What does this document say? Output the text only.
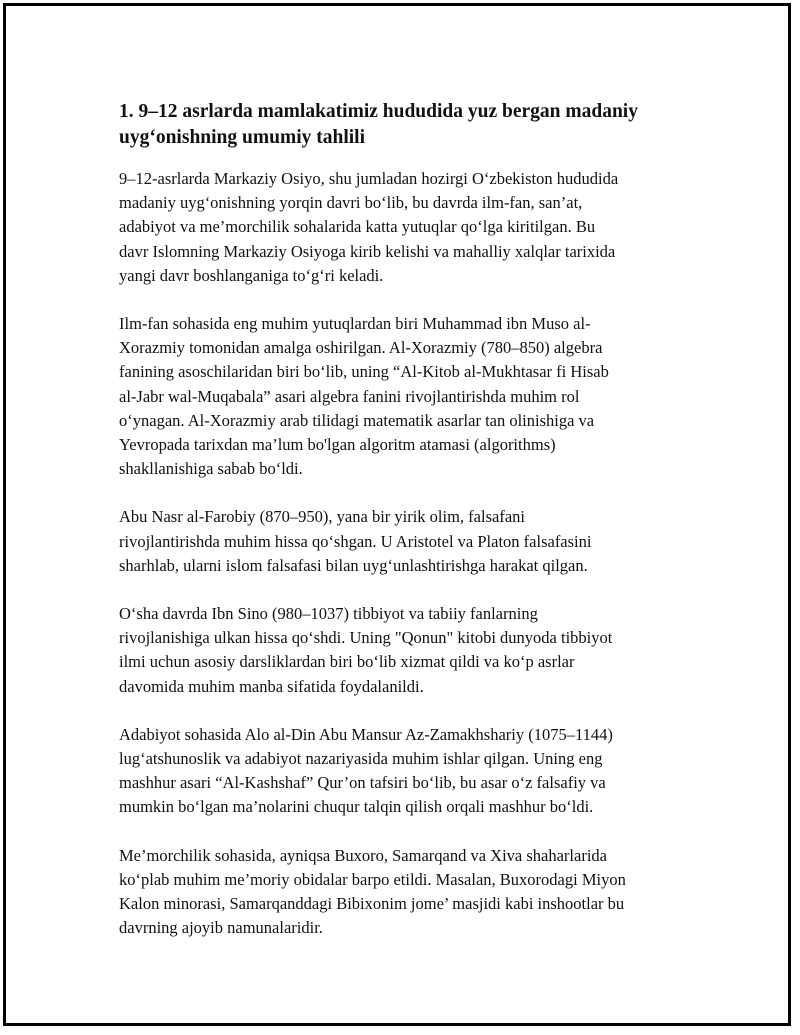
1. 9–12 asrlarda mamlakatimiz hududida yuz bergan madaniy
uyg‘onishning umumiy tahlili

9–12-asrlarda Markaziy Osiyo, shu jumladan hozirgi O‘zbekiston hududida
madaniy uyg‘onishning yorqin davri bo‘lib, bu davrda ilm-fan, san’at,
adabiyot va me’morchilik sohalarida katta yutuqlar qo‘lga kiritilgan. Bu
davr Islomning Markaziy Osiyoga kirib kelishi va mahalliy xalqlar tarixida
yangi davr boshlanganiga to‘g‘ri keladi.

Ilm-fan sohasida eng muhim yutuqlardan biri Muhammad ibn Muso al-
Xorazmiy tomonidan amalga oshirilgan. Al-Xorazmiy (780–850) algebra
fanining asoschilaridan biri bo‘lib, uning “Al-Kitob al-Mukhtasar fi Hisab
al-Jabr wal-Muqabala” asari algebra fanini rivojlantirishda muhim rol
o‘ynagan. Al-Xorazmiy arab tilidagi matematik asarlar tan olinishiga va
Yevropada tarixdan ma’lum bo'lgan algoritm atamasi (algorithms)
shakllanishiga sabab bo‘ldi.

Abu Nasr al-Farobiy (870–950), yana bir yirik olim, falsafani
rivojlantirishda muhim hissa qo‘shgan. U Aristotel va Platon falsafasini
sharhlab, ularni islom falsafasi bilan uyg‘unlashtirishga harakat qilgan.

O‘sha davrda Ibn Sino (980–1037) tibbiyot va tabiiy fanlarning
rivojlanishiga ulkan hissa qo‘shdi. Uning "Qonun" kitobi dunyoda tibbiyot
ilmi uchun asosiy darsliklardan biri bo‘lib xizmat qildi va ko‘p asrlar
davomida muhim manba sifatida foydalanildi.

Adabiyot sohasida Alo al-Din Abu Mansur Az-Zamakhshariy (1075–1144)
lug‘atshunoslik va adabiyot nazariyasida muhim ishlar qilgan. Uning eng
mashhur asari “Al-Kashshaf” Qur’on tafsiri bo‘lib, bu asar o‘z falsafiy va
mumkin bo‘lgan ma’nolarini chuqur talqin qilish orqali mashhur bo‘ldi.

Me’morchilik sohasida, ayniqsa Buxoro, Samarqand va Xiva shaharlarida
ko‘plab muhim me’moriy obidalar barpo etildi. Masalan, Buxorodagi Miyon
Kalon minorasi, Samarqanddagi Bibixonim jome’ masjidi kabi inshootlar bu
davrning ajoyib namunalaridir.
